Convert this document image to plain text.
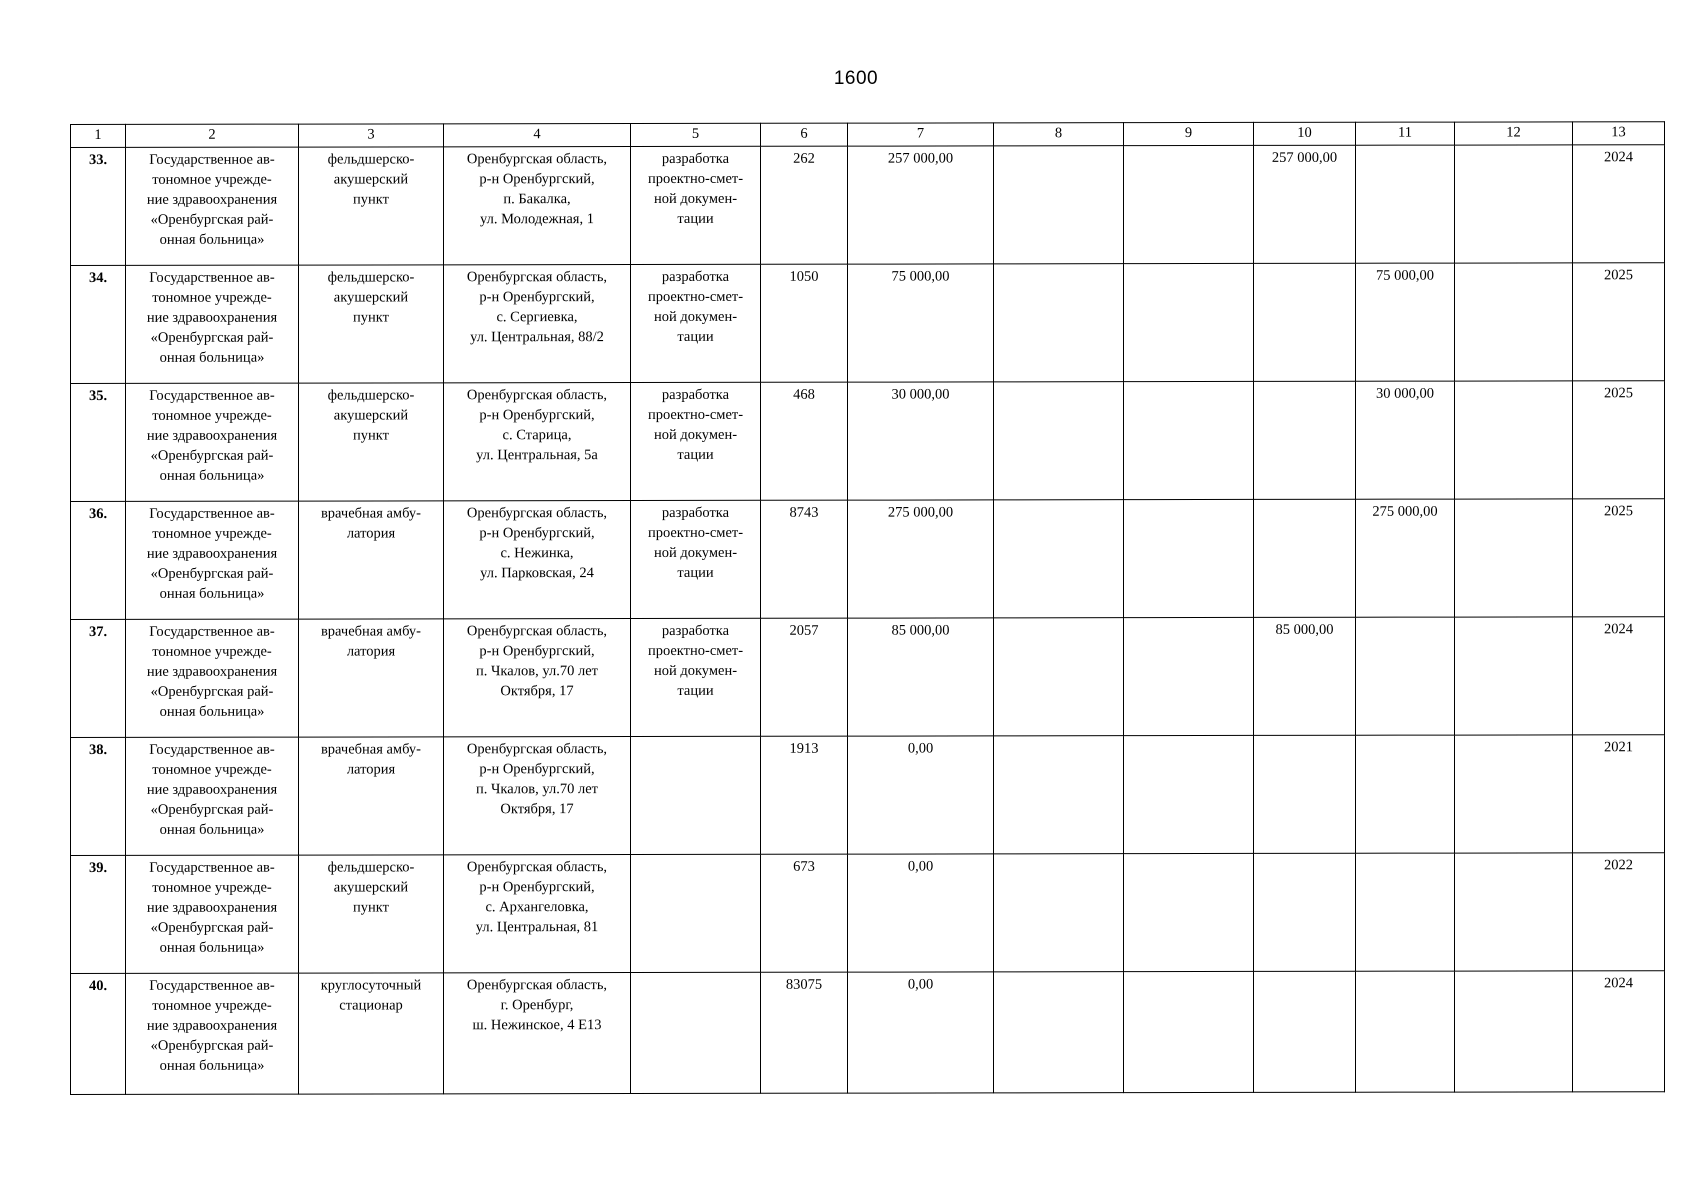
1600
1	2	3	4	5	6	7	8	9	10	11	12	13
33.	Государственное ав-
тономное учрежде-
ние здравоохранения
«Оренбургская рай-
онная больница»	фельдшерско-
акушерский
пункт	Оренбургская область,
р-н Оренбургский,
п. Бакалка,
ул. Молодежная, 1	разработка
проектно-смет-
ной докумен-
тации	262	257 000,00			257 000,00			2024
34.	Государственное ав-
тономное учрежде-
ние здравоохранения
«Оренбургская рай-
онная больница»	фельдшерско-
акушерский
пункт	Оренбургская область,
р-н Оренбургский,
с. Сергиевка,
ул. Центральная, 88/2	разработка
проектно-смет-
ной докумен-
тации	1050	75 000,00				75 000,00		2025
35.	Государственное ав-
тономное учрежде-
ние здравоохранения
«Оренбургская рай-
онная больница»	фельдшерско-
акушерский
пункт	Оренбургская область,
р-н Оренбургский,
с. Старица,
ул. Центральная, 5а	разработка
проектно-смет-
ной докумен-
тации	468	30 000,00				30 000,00		2025
36.	Государственное ав-
тономное учрежде-
ние здравоохранения
«Оренбургская рай-
онная больница»	врачебная амбу-
латория	Оренбургская область,
р-н Оренбургский,
с. Нежинка,
ул. Парковская, 24	разработка
проектно-смет-
ной докумен-
тации	8743	275 000,00				275 000,00		2025
37.	Государственное ав-
тономное учрежде-
ние здравоохранения
«Оренбургская рай-
онная больница»	врачебная амбу-
латория	Оренбургская область,
р-н Оренбургский,
п. Чкалов, ул.70 лет
Октября, 17	разработка
проектно-смет-
ной докумен-
тации	2057	85 000,00			85 000,00			2024
38.	Государственное ав-
тономное учрежде-
ние здравоохранения
«Оренбургская рай-
онная больница»	врачебная амбу-
латория	Оренбургская область,
р-н Оренбургский,
п. Чкалов, ул.70 лет
Октября, 17		1913	0,00						2021
39.	Государственное ав-
тономное учрежде-
ние здравоохранения
«Оренбургская рай-
онная больница»	фельдшерско-
акушерский
пункт	Оренбургская область,
р-н Оренбургский,
с. Архангеловка,
ул. Центральная, 81		673	0,00						2022
40.	Государственное ав-
тономное учрежде-
ние здравоохранения
«Оренбургская рай-
онная больница»	круглосуточный
стационар	Оренбургская область,
г. Оренбург,
ш. Нежинское, 4 Е13		83075	0,00						2024
